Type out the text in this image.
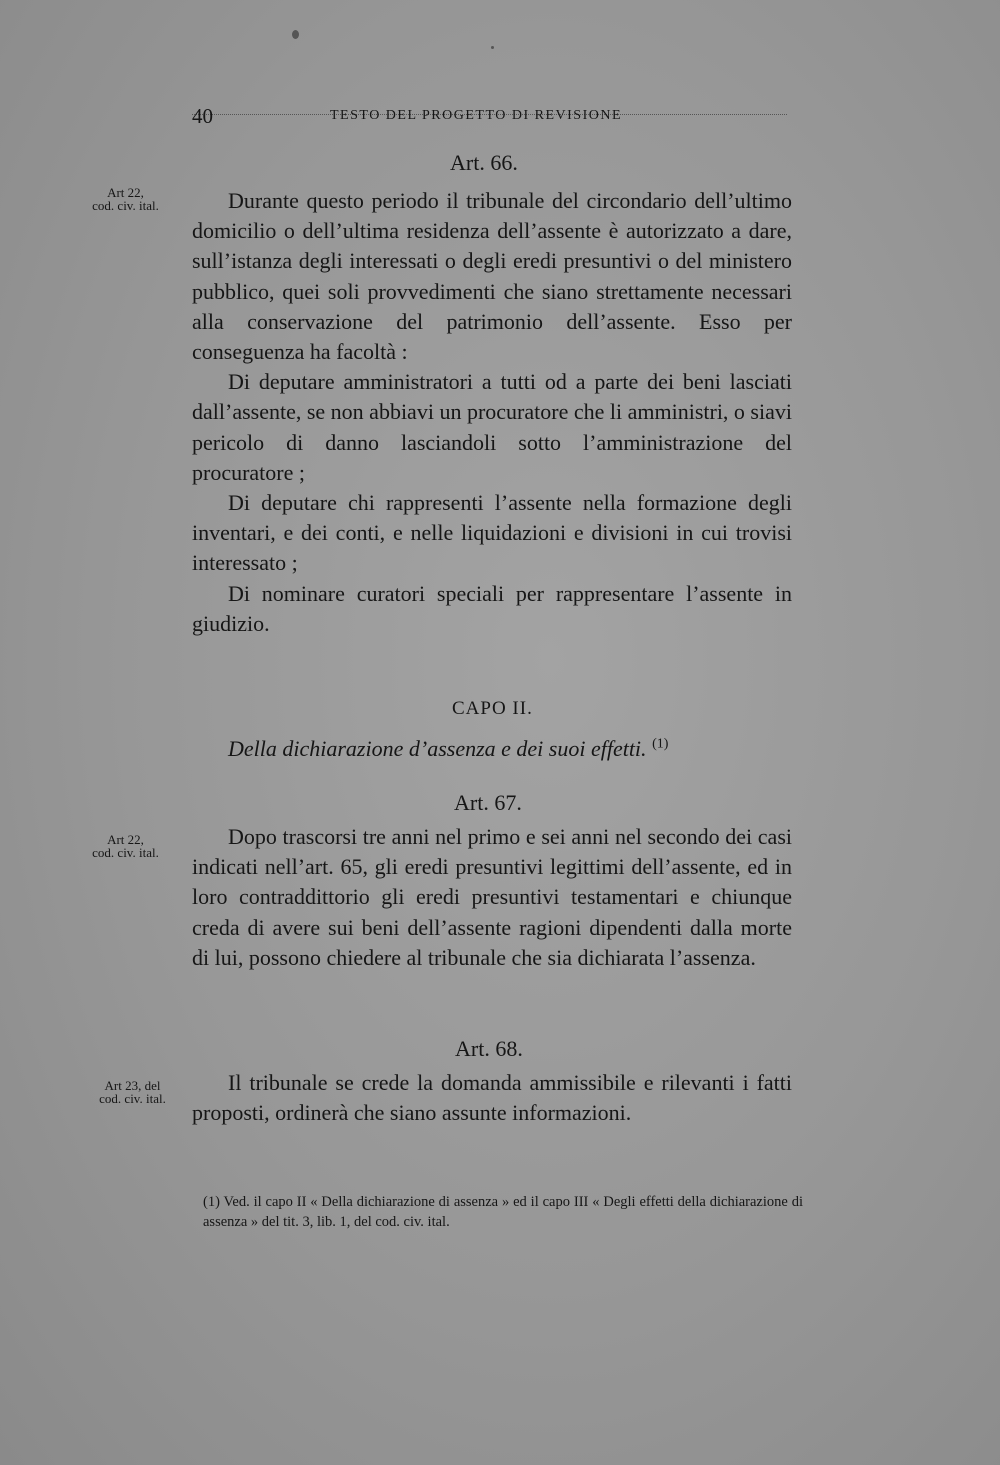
40	TESTO DEL PROGETTO DI REVISIONE
Art 22,
cod. civ. ital.
Art 22,
cod. civ. ital.
Art 23, del
cod. civ. ital.
Art. 66.

Durante questo periodo il tribunale del circondario dell’ultimo domicilio o dell’ultima residenza dell’assente è autorizzato a dare, sull’istanza degli interessati o degli eredi presuntivi o del ministero pubblico, quei soli provvedimenti che siano strettamente necessari alla conservazione del patrimonio dell’assente. Esso per conseguenza ha facoltà :

Di deputare amministratori a tutti od a parte dei beni lasciati dall’assente, se non abbiavi un procuratore che li amministri, o siavi pericolo di danno lasciandoli sotto l’amministrazione del procuratore ;

Di deputare chi rappresenti l’assente nella formazione degli inventari, e dei conti, e nelle liquidazioni e divisioni in cui trovisi interessato ;

Di nominare curatori speciali per rappresentare l’assente in giudizio.

CAPO II.
Della dichiarazione d’assenza e dei suoi effetti. $^{(1)}$
Art. 67.

Dopo trascorsi tre anni nel primo e sei anni nel secondo dei casi indicati nell’art. 65, gli eredi presuntivi legittimi dell’assente, ed in loro contraddittorio gli eredi presuntivi testamentari e chiunque creda di avere sui beni dell’assente ragioni dipendenti dalla morte di lui, possono chiedere al tribunale che sia dichiarata l’assenza.

Art. 68.

Il tribunale se crede la domanda ammissibile e rilevanti i fatti proposti, ordinerà che siano assunte informazioni.

(1) Ved. il capo II « Della dichiarazione di assenza » ed il capo III « Degli effetti della dichiarazione di assenza » del tit. 3, lib. 1, del cod. civ. ital.
